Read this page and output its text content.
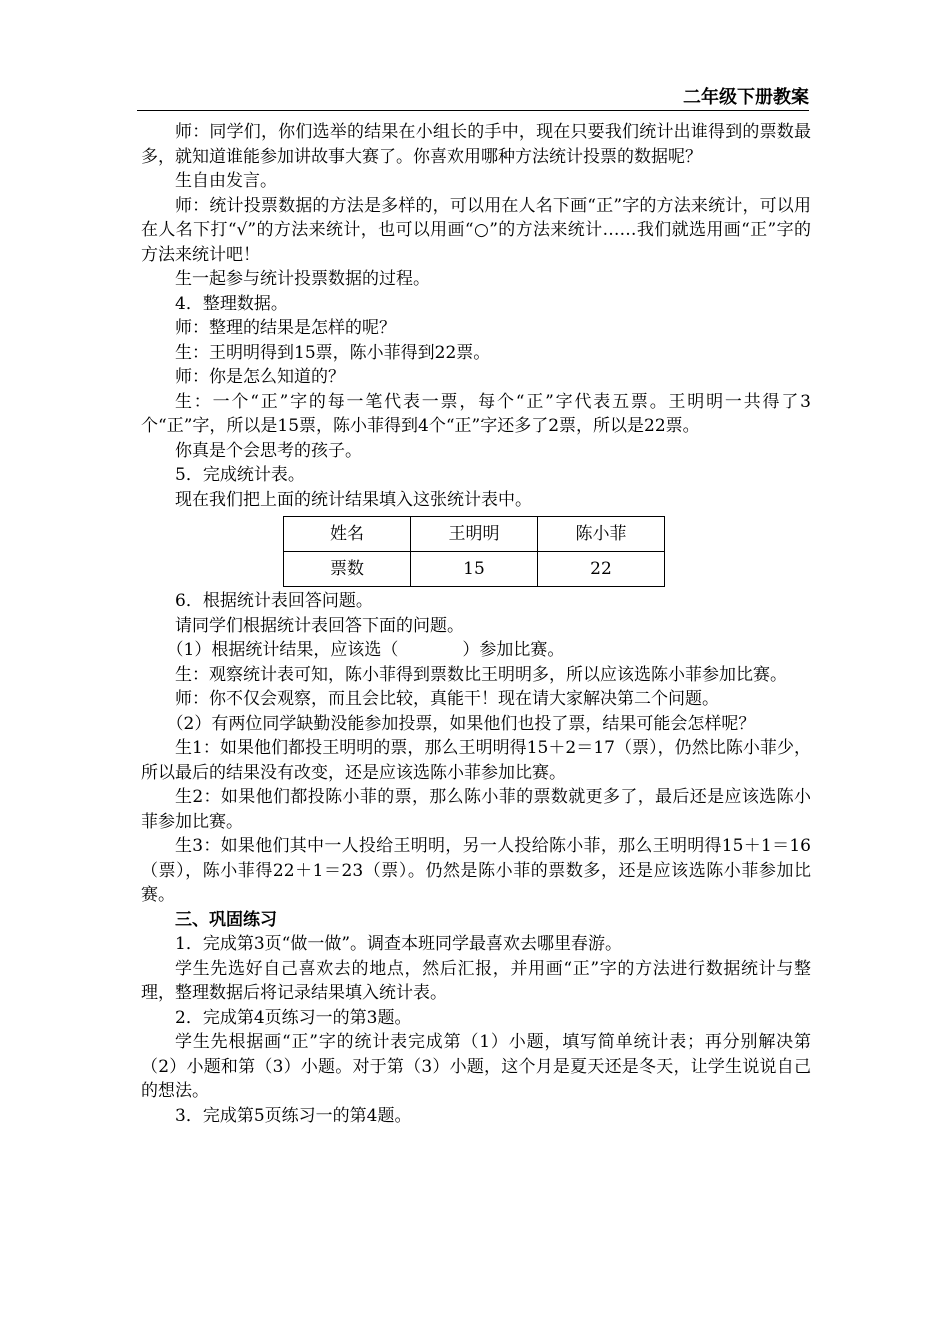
二年级下册教案

师：同学们，你们选举的结果在小组长的手中，现在只要我们统计出谁得到的票数最多，就知道谁能参加讲故事大赛了。你喜欢用哪种方法统计投票的数据呢？

生自由发言。

师：统计投票数据的方法是多样的，可以用在人名下画“正”字的方法来统计，可以用在人名下打“√”的方法来统计，也可以用画“○”的方法来统计……我们就选用画“正”字的方法来统计吧！

生一起参与统计投票数据的过程。

4．整理数据。

师：整理的结果是怎样的呢？

生：王明明得到15票，陈小菲得到22票。

师：你是怎么知道的？

生：一个“正”字的每一笔代表一票，每个“正”字代表五票。王明明一共得了3个“正”字，所以是15票，陈小菲得到4个“正”字还多了2票，所以是22票。

你真是个会思考的孩子。

5．完成统计表。

现在我们把上面的统计结果填入这张统计表中。

姓名	王明明	陈小菲
票数	15	22

6．根据统计表回答问题。

请同学们根据统计表回答下面的问题。

（1）根据统计结果，应该选（	）参加比赛。

生：观察统计表可知，陈小菲得到票数比王明明多，所以应该选陈小菲参加比赛。

师：你不仅会观察，而且会比较，真能干！现在请大家解决第二个问题。

（2）有两位同学缺勤没能参加投票，如果他们也投了票，结果可能会怎样呢？

生1：如果他们都投王明明的票，那么王明明得15＋2＝17（票），仍然比陈小菲少，所以最后的结果没有改变，还是应该选陈小菲参加比赛。

生2：如果他们都投陈小菲的票，那么陈小菲的票数就更多了，最后还是应该选陈小菲参加比赛。

生3：如果他们其中一人投给王明明，另一人投给陈小菲，那么王明明得15＋1＝16（票），陈小菲得22＋1＝23（票）。仍然是陈小菲的票数多，还是应该选陈小菲参加比赛。

三、巩固练习

1．完成第3页“做一做”。调查本班同学最喜欢去哪里春游。

学生先选好自己喜欢去的地点，然后汇报，并用画“正”字的方法进行数据统计与整理，整理数据后将记录结果填入统计表。

2．完成第4页练习一的第3题。

学生先根据画“正”字的统计表完成第（1）小题，填写简单统计表；再分别解决第（2）小题和第（3）小题。对于第（3）小题，这个月是夏天还是冬天，让学生说说自己的想法。

3．完成第5页练习一的第4题。
